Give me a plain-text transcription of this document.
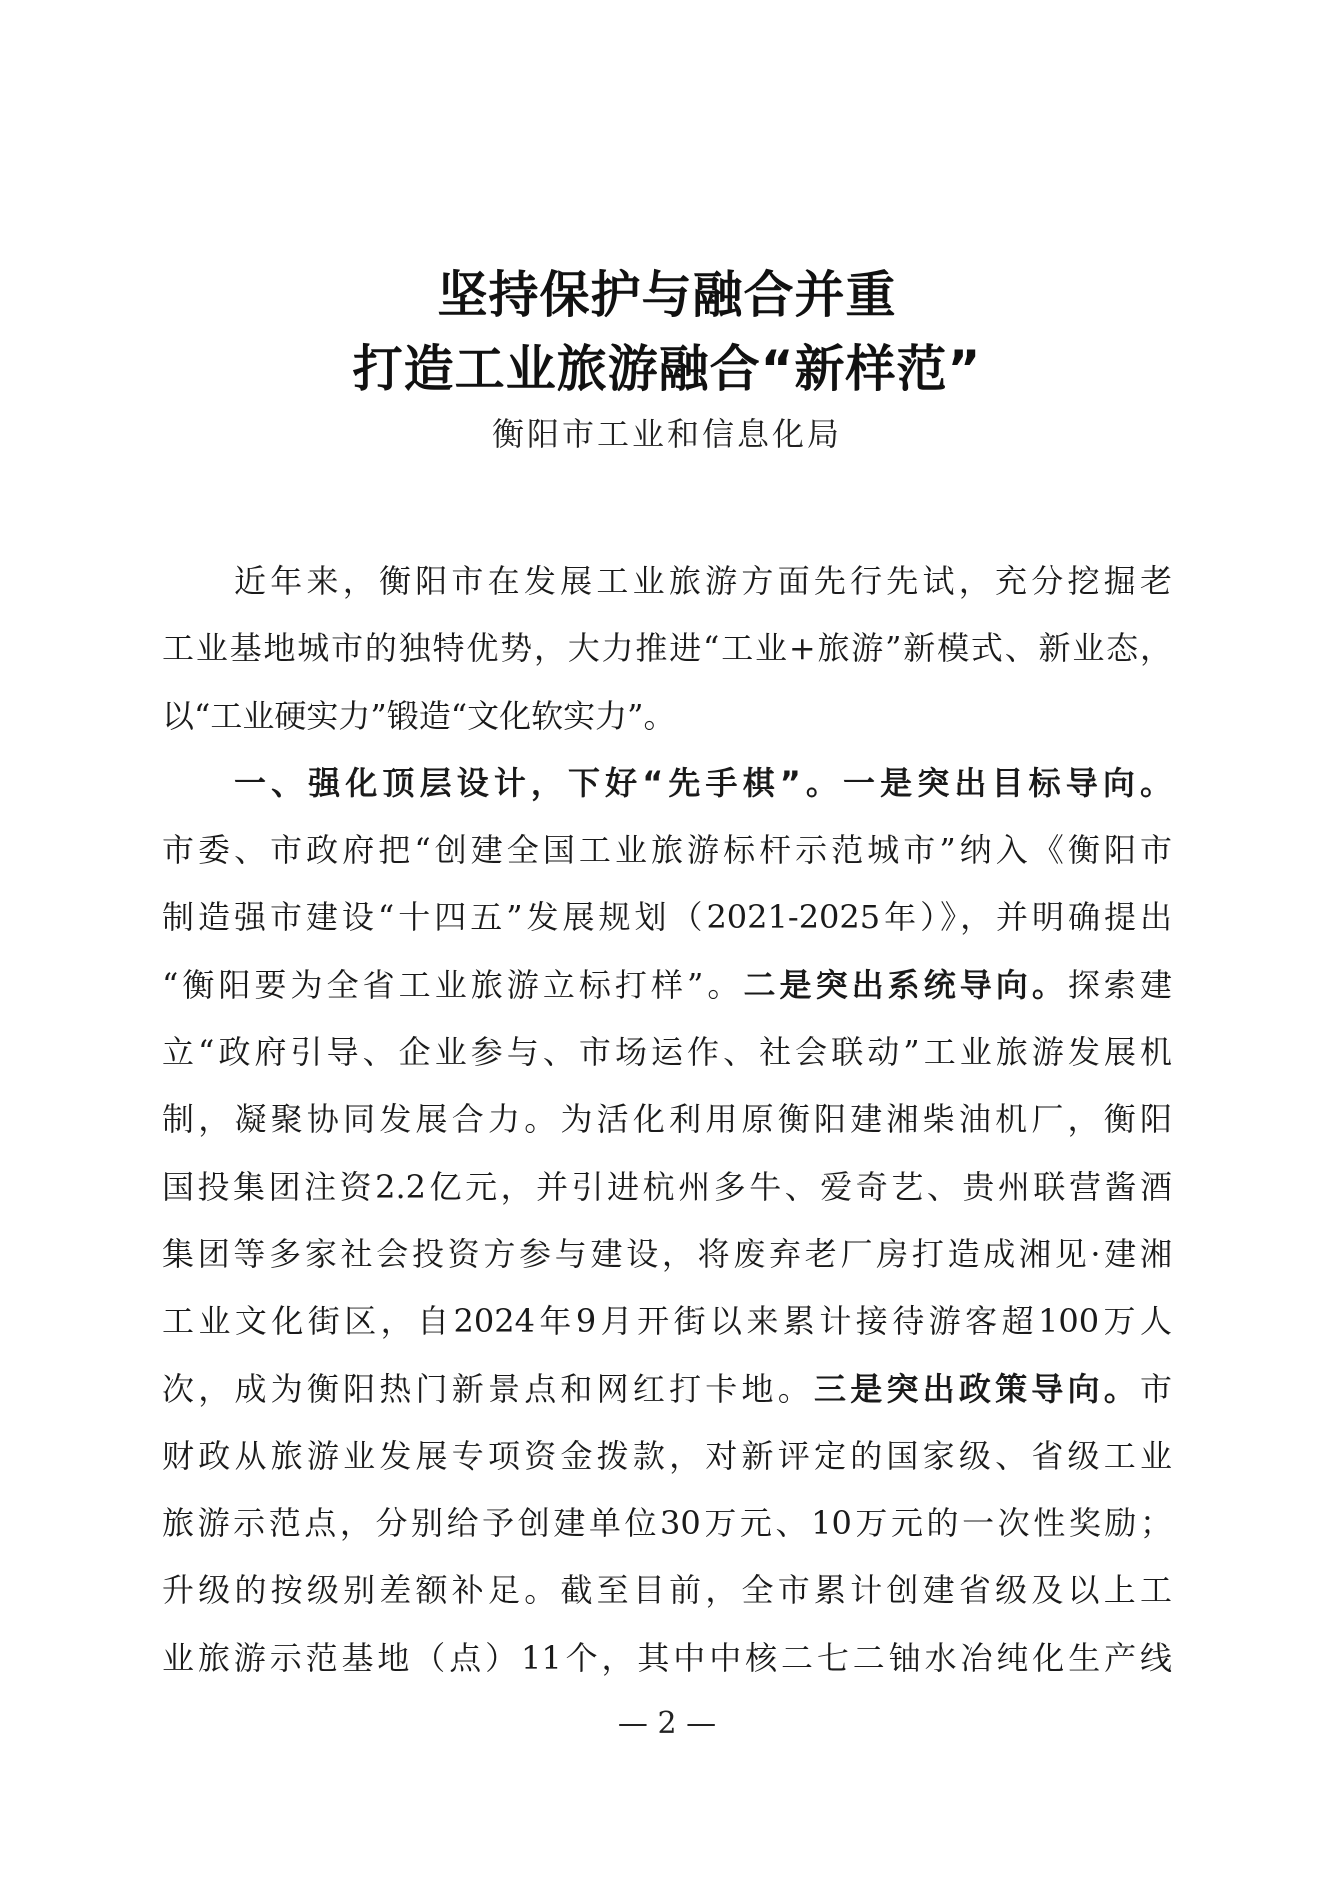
坚持保护与融合并重
打造工业旅游融合“新样范”
衡阳市工业和信息化局
近年来，衡阳市在发展工业旅游方面先行先试，充分挖掘老
工业基地城市的独特优势，大力推进“工业+旅游”新模式、新业态，
以“工业硬实力”锻造“文化软实力”。
一、强化顶层设计，下好“先手棋”。一是突出目标导向。
市委、市政府把“创建全国工业旅游标杆示范城市”纳入《衡阳市
制造强市建设“十四五”发展规划（2021-2025年）》，并明确提出
“衡阳要为全省工业旅游立标打样”。二是突出系统导向。探索建
立“政府引导、企业参与、市场运作、社会联动”工业旅游发展机
制，凝聚协同发展合力。为活化利用原衡阳建湘柴油机厂，衡阳
国投集团注资2.2亿元，并引进杭州多牛、爱奇艺、贵州联营酱酒
集团等多家社会投资方参与建设，将废弃老厂房打造成湘见·建湘
工业文化街区，自2024年9月开街以来累计接待游客超100万人
次，成为衡阳热门新景点和网红打卡地。三是突出政策导向。市
财政从旅游业发展专项资金拨款，对新评定的国家级、省级工业
旅游示范点，分别给予创建单位30万元、10万元的一次性奖励；
升级的按级别差额补足。截至目前，全市累计创建省级及以上工
业旅游示范基地（点）11个，其中中核二七二铀水冶纯化生产线
— 2 —
